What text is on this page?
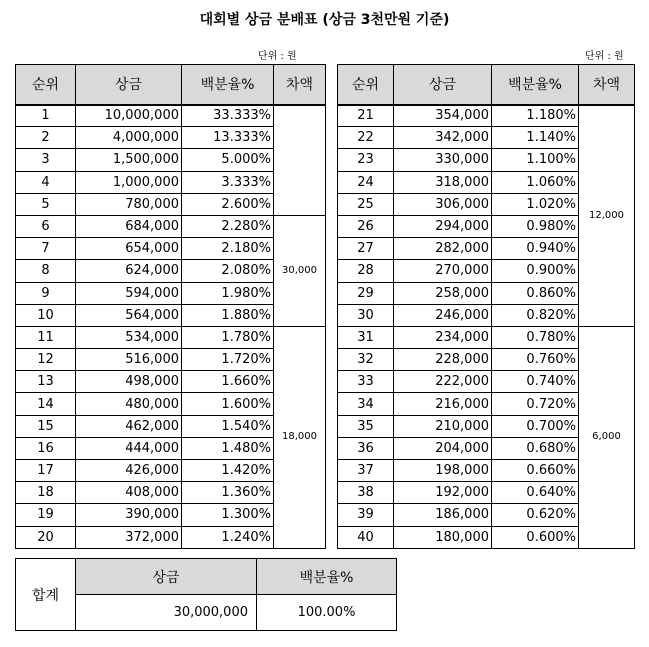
대회별 상금 분배표 (상금 3천만원 기준)
단위 : 원	단위 : 원
순위	상금	백분율%	차액
1	10,000,000	33.333%	
2	4,000,000	13.333%	
3	1,500,000	5.000%	
4	1,000,000	3.333%	
5	780,000	2.600%	
6	684,000	2.280%	30,000
7	654,000	2.180%	
8	624,000	2.080%	
9	594,000	1.980%	
10	564,000	1.880%	
11	534,000	1.780%	18,000
12	516,000	1.720%	
13	498,000	1.660%	
14	480,000	1.600%	
15	462,000	1.540%	
16	444,000	1.480%	
17	426,000	1.420%	
18	408,000	1.360%	
19	390,000	1.300%	
20	372,000	1.240%	
순위	상금	백분율%	차액
21	354,000	1.180%	12,000
22	342,000	1.140%	
23	330,000	1.100%	
24	318,000	1.060%	
25	306,000	1.020%	
26	294,000	0.980%	
27	282,000	0.940%	
28	270,000	0.900%	
29	258,000	0.860%	
30	246,000	0.820%	
31	234,000	0.780%	6,000
32	228,000	0.760%	
33	222,000	0.740%	
34	216,000	0.720%	
35	210,000	0.700%	
36	204,000	0.680%	
37	198,000	0.660%	
38	192,000	0.640%	
39	186,000	0.620%	
40	180,000	0.600%	
합계	상금	백분율%
	30,000,000	100.00%
